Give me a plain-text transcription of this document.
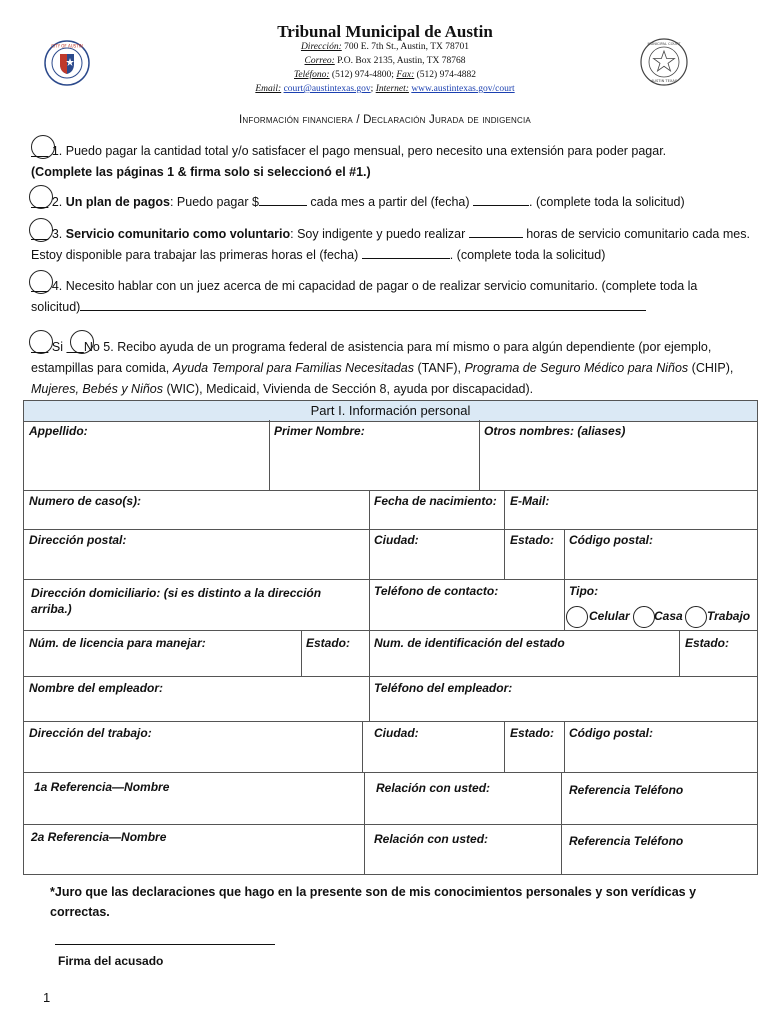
CITY OF AUSTIN	MUNICIPAL COURT
AUSTIN TEXAS
Tribunal Municipal de Austin
Dirección: 700 E. 7th St., Austin, TX 78701
Correo: P.O. Box 2135, Austin, TX 78768
Teléfono: (512) 974-4800; Fax: (512) 974-4882
Email: court@austintexas.gov; Internet: www.austintexas.gov/court
Información financiera / Declaración Jurada de indigencia
1. Puedo pagar la cantidad total y/o satisfacer el pago mensual, pero necesito una extensión para poder pagar.
(Complete las páginas 1 & firma solo si seleccionó el #1.)
2. Un plan de pagos: Puedo pagar $	cada mes a partir del (fecha)	. (complete toda la solicitud)
3. Servicio comunitario como voluntario: Soy indigente y puedo realizar	horas de servicio comunitario cada mes.
Estoy disponible para trabajar las primeras horas el (fecha)	. (complete toda la solicitud)
4. Necesito hablar con un juez acerca de mi capacidad de pagar o de realizar servicio comunitario. (complete toda la
solicitud)
Si No 5. Recibo ayuda de un programa federal de asistencia para mí mismo o para algún dependiente (por ejemplo,
estampillas para comida, Ayuda Temporal para Familias Necesitadas (TANF), Programa de Seguro Médico para Niños (CHIP),
Mujeres, Bebés y Niños (WIC), Medicaid, Vivienda de Sección 8, ayuda por discapacidad).
Part I. Información personal
Appellido:	Primer Nombre:	Otros nombres: (aliases)
Numero de caso(s):	Fecha de nacimiento: E-Mail:
Dirección postal:	Ciudad:	Estado: Código postal:
Dirección domiciliario: (si es distinto a la dirección arriba.)
Teléfono de contacto:	Tipo:
Celular Casa Trabajo
Núm. de licencia para manejar:	Estado: Num. de identificación del estado	Estado:
Nombre del empleador:	Teléfono del empleador:
Dirección del trabajo:	Ciudad:	Estado: Código postal:
1a Referencia—Nombre	Relación con usted:	Referencia Teléfono
2a Referencia—Nombre	Relación con usted:	Referencia Teléfono
*Juro que las declaraciones que hago en la presente son de mis conocimientos personales y son verídicas y correctas.
Firma del acusado
1
